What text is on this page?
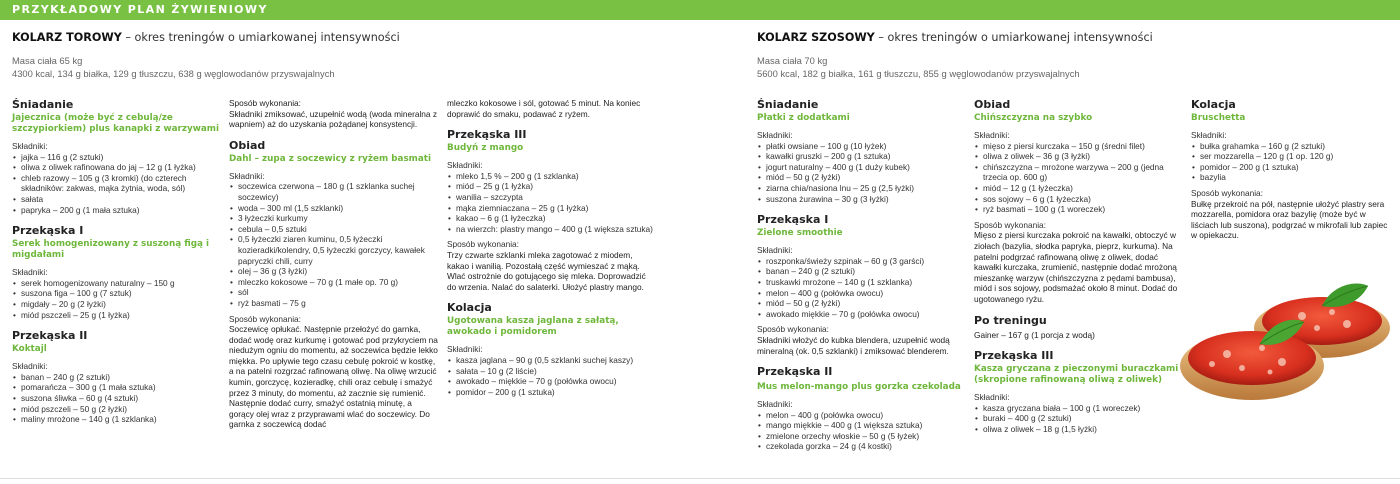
PRZYKŁADOWY PLAN ŻYWIENIOWY
KOLARZ TOROWY – okres treningów o umiarkowanej intensywności
Masa ciała 65 kg
4300 kcal, 134 g białka, 129 g tłuszczu, 638 g węglowodanów przyswajalnych
KOLARZ SZOSOWY – okres treningów o umiarkowanej intensywności
Masa ciała 70 kg
5600 kcal, 182 g białka, 161 g tłuszczu, 855 g węglowodanów przyswajalnych
Śniadanie
Jajecznica (może być z cebulą/ze szczypiorkiem) plus kanapki z warzywami
Składniki:
• jajka – 116 g (2 sztuki)
• oliwa z oliwek rafinowana do jaj – 12 g (1 łyżka)
• chleb razowy – 105 g (3 kromki) (do czterech składników: zakwas, mąka żytnia, woda, sól)
• sałata
• papryka – 200 g (1 mała sztuka)
Przekąska I
Serek homogenizowany z suszoną figą i migdałami
Składniki:
• serek homogenizowany naturalny – 150 g
• suszona figa – 100 g (7 sztuk)
• migdały – 20 g (2 łyżki)
• miód pszczeli – 25 g (1 łyżka)
Przekąska II
Koktajl
Składniki:
• banan – 240 g (2 sztuki)
• pomarańcza – 300 g (1 mała sztuka)
• suszona śliwka – 60 g (4 sztuki)
• miód pszczeli – 50 g (2 łyżki)
• maliny mrożone – 140 g (1 szklanka)
Sposób wykonania:
Składniki zmiksować, uzupełnić wodą (woda mineralna z wapniem) aż do uzyskania pożądanej konsystencji.
Obiad
Dahl – zupa z soczewicy z ryżem basmati
Składniki:
• soczewica czerwona – 180 g (1 szklanka suchej soczewicy)
• woda – 300 ml (1,5 szklanki)
• 3 łyżeczki kurkumy
• cebula – 0,5 sztuki
• 0,5 łyżeczki ziaren kuminu, 0,5 łyżeczki kozieradki/kolendry, 0,5 łyżeczki gorczycy, kawałek papryczki chili, curry
• olej – 36 g (3 łyżki)
• mleczko kokosowe – 70 g (1 małe op. 70 g)
• sól
• ryż basmati – 75 g
Sposób wykonania:
Soczewicę opłukać. Następnie przełożyć do garnka, dodać wodę oraz kurkumę i gotować pod przykryciem na niedużym ogniu do momentu, aż soczewica będzie lekko miękka. Po upływie tego czasu cebulę pokroić w kostkę, a na patelni rozgrzać rafinowaną oliwę. Na oliwę wrzucić kumin, gorczycę, kozieradkę, chili oraz cebulę i smażyć przez 3 minuty, do momentu, aż zacznie się rumienić. Następnie dodać curry, smażyć ostatnią minutę, a gorący olej wraz z przyprawami wlać do soczewicy. Do garnka z soczewicą dodać
mleczko kokosowe i sól, gotować 5 minut. Na koniec doprawić do smaku, podawać z ryżem.
Przekąska III
Budyń z mango
Składniki:
• mleko 1,5 % – 200 g (1 szklanka)
• miód – 25 g (1 łyżka)
• wanilia – szczypta
• mąka ziemniaczana – 25 g (1 łyżka)
• kakao – 6 g (1 łyżeczka)
• na wierzch: plastry mango – 400 g (1 większa sztuka)
Sposób wykonania:
Trzy czwarte szklanki mleka zagotować z miodem, kakao i wanilią. Pozostałą część wymieszać z mąką. Wlać ostrożnie do gotującego się mleka. Doprowadzić do wrzenia. Nalać do salaterki. Ułożyć plastry mango.
Kolacja
Ugotowana kasza jaglana z sałatą, awokado i pomidorem
Składniki:
• kasza jaglana – 90 g (0,5 szklanki suchej kaszy)
• sałata – 10 g (2 liście)
• awokado – miękkie – 70 g (połówka owocu)
• pomidor – 200 g (1 sztuka)
Śniadanie
Płatki z dodatkami
Składniki:
• płatki owsiane – 100 g (10 łyżek)
• kawałki gruszki – 200 g (1 sztuka)
• jogurt naturalny – 400 g (1 duży kubek)
• miód – 50 g (2 łyżki)
• ziarna chia/nasiona lnu – 25 g (2,5 łyżki)
• suszona żurawina – 30 g (3 łyżki)
Przekąska I
Zielone smoothie
Składniki:
• roszponka/świeży szpinak – 60 g (3 garści)
• banan – 240 g (2 sztuki)
• truskawki mrożone – 140 g (1 szklanka)
• melon – 400 g (połówka owocu)
• miód – 50 g (2 łyżki)
• awokado miękkie – 70 g (połówka owocu)
Sposób wykonania:
Składniki włożyć do kubka blendera, uzupełnić wodą mineralną (ok. 0,5 szklanki) i zmiksować blenderem.
Przekąska II
Mus melon-mango plus gorzka czekolada
Składniki:
• melon – 400 g (połówka owocu)
• mango miękkie – 400 g (1 większa sztuka)
• zmielone orzechy włoskie – 50 g (5 łyżek)
• czekolada gorzka – 24 g (4 kostki)
Obiad
Chińszczyzna na szybko
Składniki:
• mięso z piersi kurczaka – 150 g (średni filet)
• oliwa z oliwek – 36 g (3 łyżki)
• chińszczyzna – mrożone warzywa – 200 g (jedna trzecia op. 600 g)
• miód – 12 g (1 łyżeczka)
• sos sojowy – 6 g (1 łyżeczka)
• ryż basmati – 100 g (1 woreczek)
Sposób wykonania:
Mięso z piersi kurczaka pokroić na kawałki, obtoczyć w ziołach (bazylia, słodka papryka, pieprz, kurkuma). Na patelni podgrzać rafinowaną oliwę z oliwek, dodać kawałki kurczaka, zrumienić, następnie dodać mrożoną mieszankę warzyw (chińszczyzna z pędami bambusa), miód i sos sojowy, podsmażać około 8 minut. Dodać do ugotowanego ryżu.
Po treningu
Gainer – 167 g (1 porcja z wodą)
Przekąska III
Kasza gryczana z pieczonymi buraczkami (skropione rafinowaną oliwą z oliwek)
Składniki:
• kasza gryczana biała – 100 g (1 woreczek)
• buraki – 400 g (2 sztuki)
• oliwa z oliwek – 18 g (1,5 łyżki)
Kolacja
Bruschetta
Składniki:
• bułka grahamka – 160 g (2 sztuki)
• ser mozzarella – 120 g (1 op. 120 g)
• pomidor – 200 g (1 sztuka)
• bazylia
Sposób wykonania:
Bułkę przekroić na pół, następnie ułożyć plastry sera mozzarella, pomidora oraz bazylię (może być w liściach lub suszona), podgrzać w mikrofali lub zapiec w opiekaczu.
